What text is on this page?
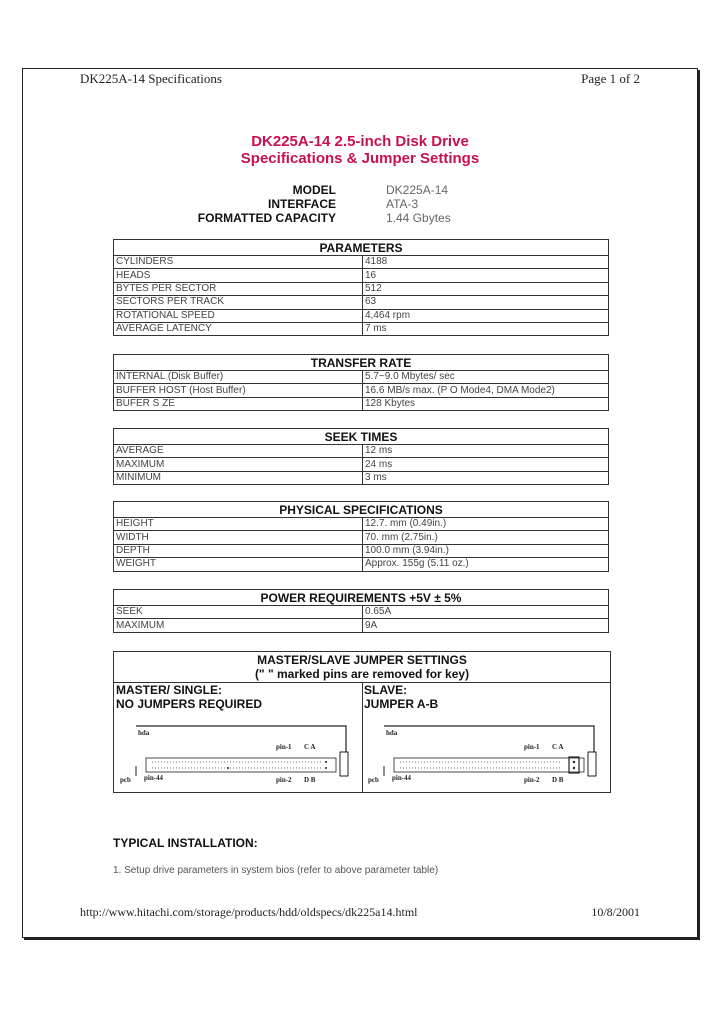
DK225A-14 Specifications	Page 1 of 2
DK225A-14 2.5-inch Disk Drive
Specifications & Jumper Settings
MODEL	DK225A-14
INTERFACE	ATA-3
FORMATTED CAPACITY	1.44 Gbytes
PARAMETERS	
CYLINDERS	4188
HEADS	16
BYTES PER SECTOR	512
SECTORS PER TRACK	63
ROTATIONAL SPEED	4,464 rpm
AVERAGE LATENCY	7 ms
TRANSFER RATE	
INTERNAL (Disk Buffer)	5.7~9.0 Mbytes/ sec
BUFFER HOST (Host Buffer)	16.6 MB/s max. (P O Mode4, DMA Mode2)
BUFER S ZE	128 Kbytes
SEEK TIMES	
AVERAGE	12 ms
MAXIMUM	24 ms
MINIMUM	3 ms
PHYSICAL SPECIFICATIONS	
HEIGHT	12.7. mm (0.49in.)
WIDTH	70. mm (2.75in.)
DEPTH	100.0 mm (3.94in.)
WEIGHT	Approx. 155g (5.11 oz.)
POWER REQUIREMENTS +5V ± 5%	
SEEK	0.65A
MAXIMUM	9A
MASTER/SLAVE JUMPER SETTINGS
(" " marked pins are removed for key)
MASTER/ SINGLE:
NO JUMPERS REQUIRED
SLAVE:
JUMPER A-B
hda
pin-1 C A
pcb pin-44	pin-2 D B
hda
pin-1 C A
pcb pin-44	pin-2 D B
TYPICAL INSTALLATION:
1. Setup drive parameters in system bios (refer to above parameter table)
http://www.hitachi.com/storage/products/hdd/oldspecs/dk225a14.html	10/8/2001
